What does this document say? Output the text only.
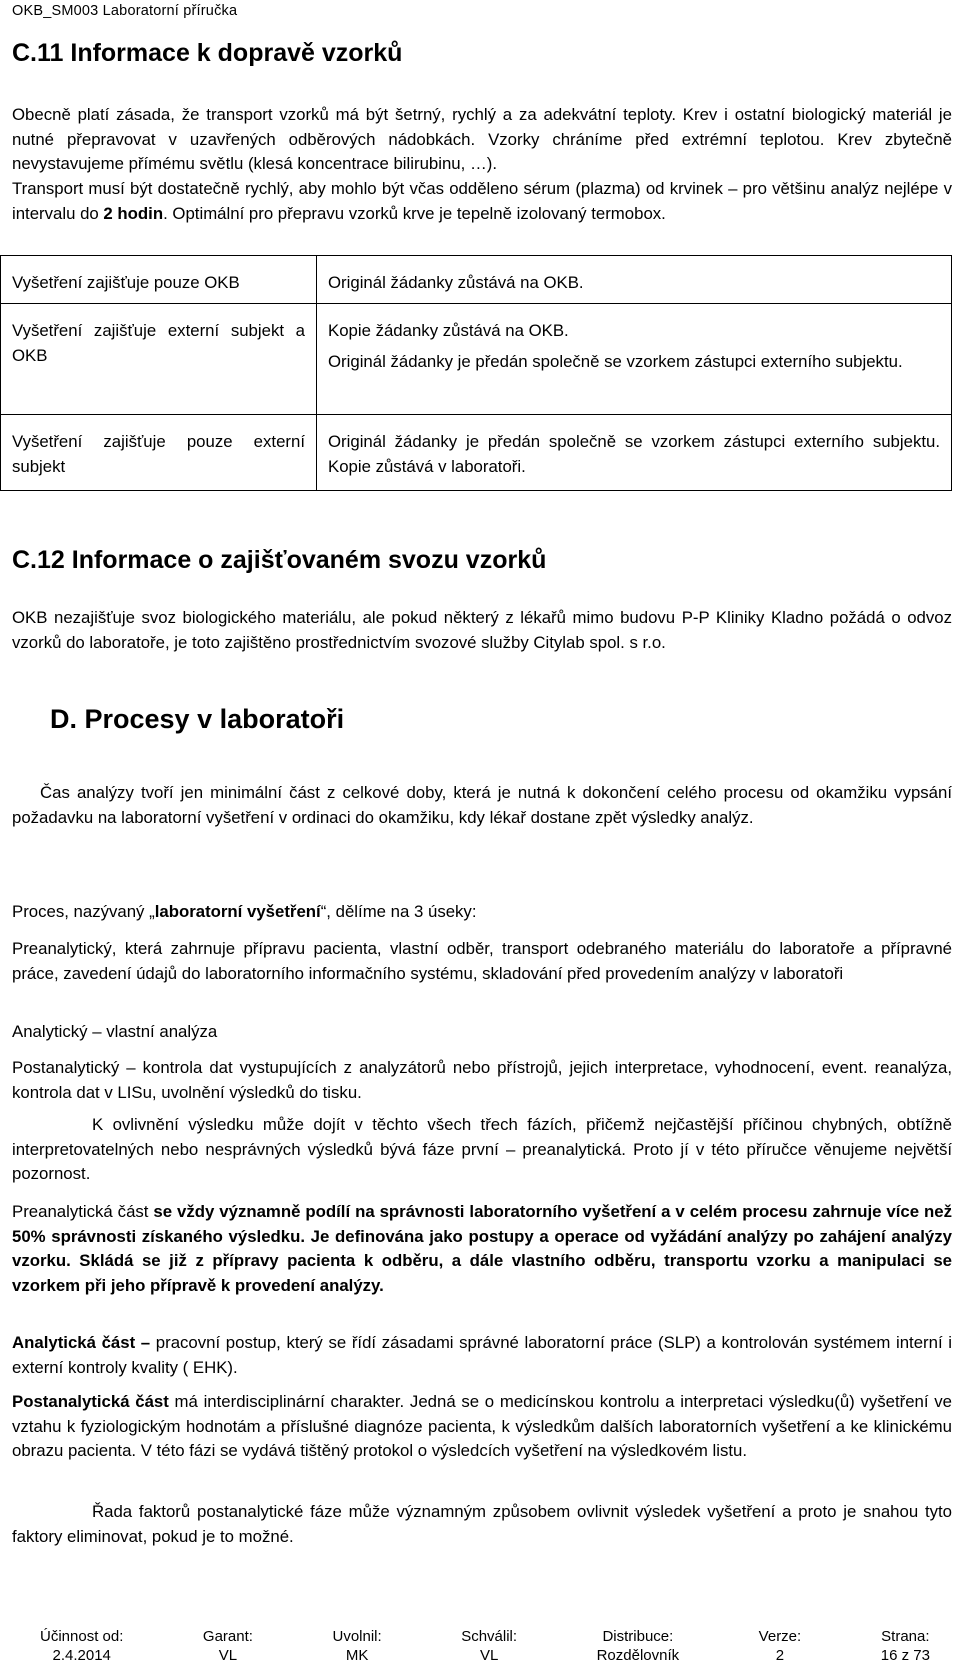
OKB_SM003 Laboratorní příručka
C.11 Informace k dopravě vzorků

Obecně platí zásada, že transport vzorků má být šetrný, rychlý a za adekvátní teploty. Krev i ostatní biologický materiál je nutné přepravovat v uzavřených odběrových nádobkách. Vzorky chráníme před extrémní teplotou. Krev zbytečně nevystavujeme přímému světlu (klesá koncentrace bilirubinu, …).

Transport musí být dostatečně rychlý, aby mohlo být včas odděleno sérum (plazma) od krvinek – pro většinu analýz nejlépe v intervalu do 2 hodin. Optimální pro přepravu vzorků krve je tepelně izolovaný termobox.

Vyšetření zajišťuje pouze OKB	Originál žádanky zůstává na OKB.

Vyšetření zajišťuje externí subjekt a OKB	Kopie žádanky zůstává na OKB.
Originál žádanky je předán společně se vzorkem zástupci externího subjektu.

Vyšetření zajišťuje pouze externí subjekt	Originál žádanky je předán společně se vzorkem zástupci externího subjektu. Kopie zůstává v laboratoři.
C.12 Informace o zajišťovaném svozu vzorků

OKB nezajišťuje svoz biologického materiálu, ale pokud některý z lékařů mimo budovu P-P Kliniky Kladno požádá o odvoz vzorků do laboratoře, je toto zajištěno prostřednictvím svozové služby Citylab spol. s r.o.

D. Procesy v laboratoři

Čas analýzy tvoří jen minimální část z celkové doby, která je nutná k dokončení celého procesu od okamžiku vypsání požadavku na laboratorní vyšetření v ordinaci do okamžiku, kdy lékař dostane zpět výsledky analýz.

Proces, nazývaný „laboratorní vyšetření“, dělíme na 3 úseky:

Preanalytický, která zahrnuje přípravu pacienta, vlastní odběr, transport odebraného materiálu do laboratoře a přípravné práce, zavedení údajů do laboratorního informačního systému, skladování před provedením analýzy v laboratoři

Analytický – vlastní analýza

Postanalytický – kontrola dat vystupujících z analyzátorů nebo přístrojů, jejich interpretace, vyhodnocení, event. reanalýza, kontrola dat v LISu, uvolnění výsledků do tisku.

K ovlivnění výsledku může dojít v těchto všech třech fázích, přičemž nejčastější příčinou chybných, obtížně interpretovatelných nebo nesprávných výsledků bývá fáze první – preanalytická. Proto jí v této příručce věnujeme největší pozornost.

Preanalytická část se vždy významně podílí na správnosti laboratorního vyšetření a v celém procesu zahrnuje více než 50% správnosti získaného výsledku. Je definována jako postupy a operace od vyžádání analýzy po zahájení analýzy vzorku. Skládá se již z přípravy pacienta k odběru, a dále vlastního odběru, transportu vzorku a manipulaci se vzorkem při jeho přípravě k provedení analýzy.

Analytická část – pracovní postup, který se řídí zásadami správné laboratorní práce (SLP) a kontrolován systémem interní i externí kontroly kvality ( EHK).

Postanalytická část má interdisciplinární charakter. Jedná se o medicínskou kontrolu a interpretaci výsledku(ů) vyšetření ve vztahu k fyziologickým hodnotám a příslušné diagnóze pacienta, k výsledkům dalších laboratorních vyšetření a ke klinickému obrazu pacienta. V této fázi se vydává tištěný protokol o výsledcích vyšetření na výsledkovém listu.

Řada faktorů postanalytické fáze může významným způsobem ovlivnit výsledek vyšetření a proto je snahou tyto faktory eliminovat, pokud je to možné.

Účinnost od:
2.4.2014
Garant:
VL
Uvolnil:
MK
Schválil:
VL
Distribuce:
Rozdělovník
Verze:
2
Strana:
16 z 73
